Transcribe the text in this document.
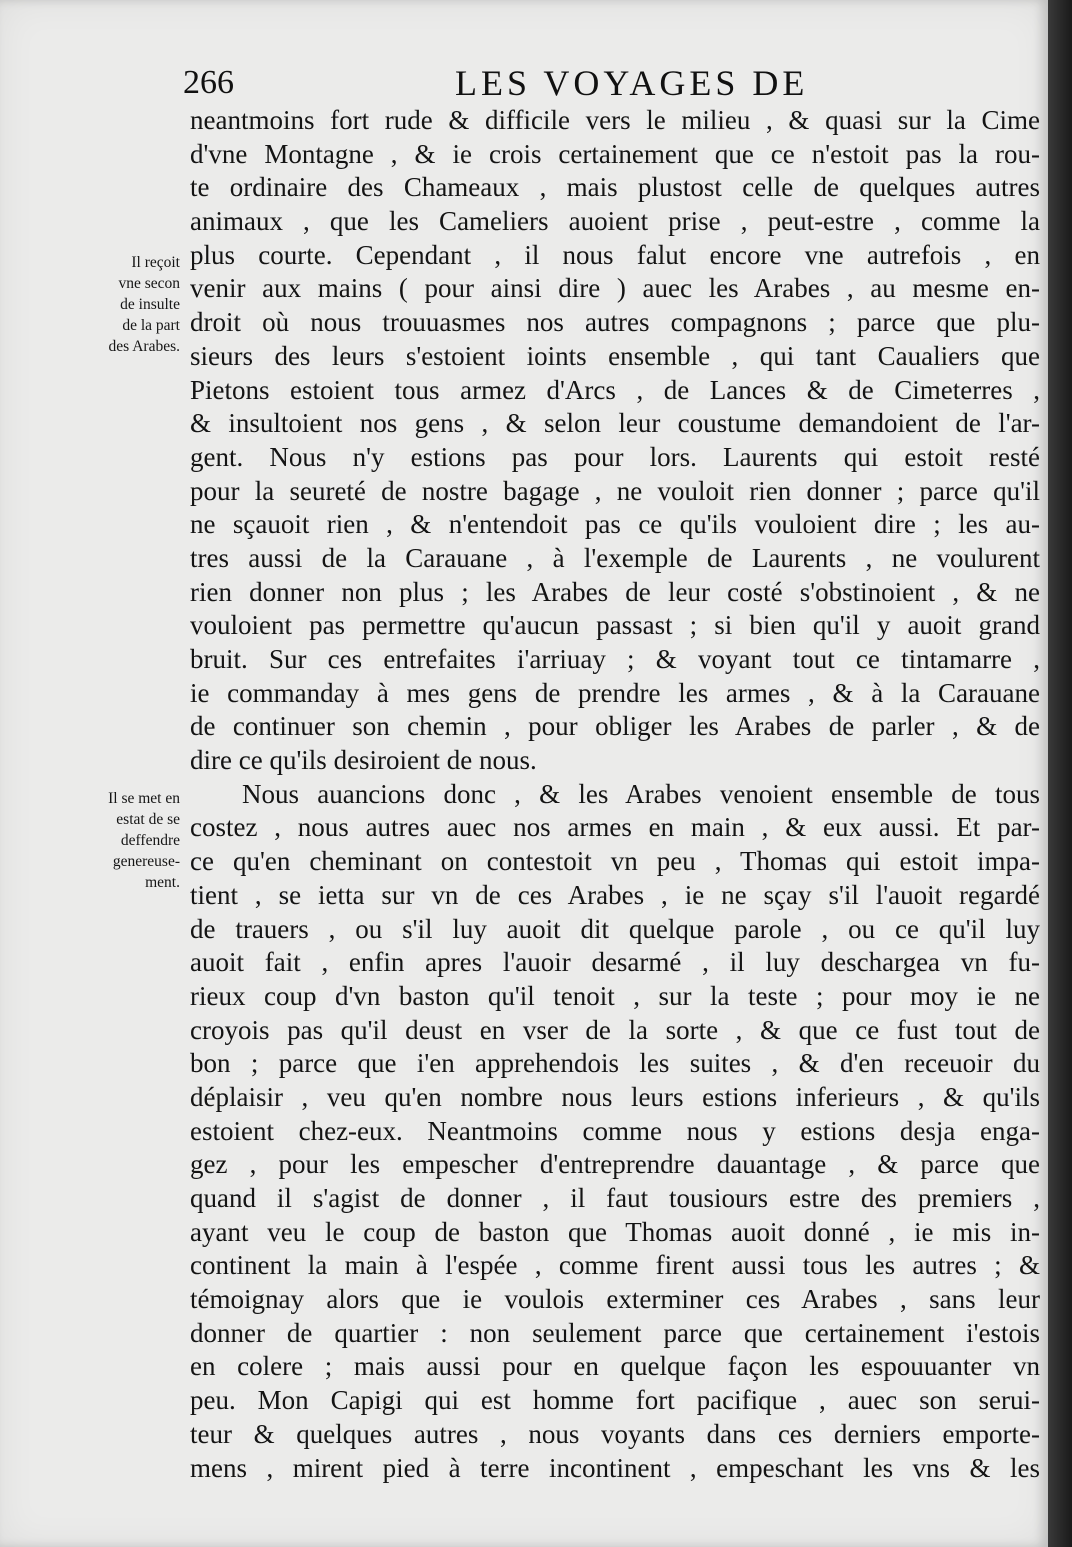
266	LES VOYAGES DE
Il reçoit
vne secon
de insulte
de la part
des Arabes.
Il se met en
estat de se
deffendre
genereuse-
ment.
neantmoins fort rude & difficile vers le milieu , & quasi sur la Cime
d'vne Montagne , & ie crois certainement que ce n'estoit pas la rou-
te ordinaire des Chameaux , mais plustost celle de quelques autres
animaux , que les Cameliers auoient prise , peut-estre , comme la
plus courte. Cependant , il nous falut encore vne autrefois , en
venir aux mains ( pour ainsi dire ) auec les Arabes , au mesme en-
droit où nous trouuasmes nos autres compagnons ; parce que plu-
sieurs des leurs s'estoient ioints ensemble , qui tant Caualiers que
Pietons estoient tous armez d'Arcs , de Lances & de Cimeterres ,
& insultoient nos gens , & selon leur coustume demandoient de l'ar-
gent. Nous n'y estions pas pour lors. Laurents qui estoit resté
pour la seureté de nostre bagage , ne vouloit rien donner ; parce qu'il
ne sçauoit rien , & n'entendoit pas ce qu'ils vouloient dire ; les au-
tres aussi de la Carauane , à l'exemple de Laurents , ne voulurent
rien donner non plus ; les Arabes de leur costé s'obstinoient , & ne
vouloient pas permettre qu'aucun passast ; si bien qu'il y auoit grand
bruit. Sur ces entrefaites i'arriuay ; & voyant tout ce tintamarre ,
ie commanday à mes gens de prendre les armes , & à la Carauane
de continuer son chemin , pour obliger les Arabes de parler , & de
dire ce qu'ils desiroient de nous.
Nous auancions donc , & les Arabes venoient ensemble de tous
costez , nous autres auec nos armes en main , & eux aussi. Et par-
ce qu'en cheminant on contestoit vn peu , Thomas qui estoit impa-
tient , se ietta sur vn de ces Arabes , ie ne sçay s'il l'auoit regardé
de trauers , ou s'il luy auoit dit quelque parole , ou ce qu'il luy
auoit fait , enfin apres l'auoir desarmé , il luy deschargea vn fu-
rieux coup d'vn baston qu'il tenoit , sur la teste ; pour moy ie ne
croyois pas qu'il deust en vser de la sorte , & que ce fust tout de
bon ; parce que i'en apprehendois les suites , & d'en receuoir du
déplaisir , veu qu'en nombre nous leurs estions inferieurs , & qu'ils
estoient chez-eux. Neantmoins comme nous y estions desja enga-
gez , pour les empescher d'entreprendre dauantage , & parce que
quand il s'agist de donner , il faut tousiours estre des premiers ,
ayant veu le coup de baston que Thomas auoit donné , ie mis in-
continent la main à l'espée , comme firent aussi tous les autres ; &
témoignay alors que ie voulois exterminer ces Arabes , sans leur
donner de quartier : non seulement parce que certainement i'estois
en colere ; mais aussi pour en quelque façon les espouuanter vn
peu. Mon Capigi qui est homme fort pacifique , auec son serui-
teur & quelques autres , nous voyants dans ces derniers emporte-
mens , mirent pied à terre incontinent , empeschant les vns & les
